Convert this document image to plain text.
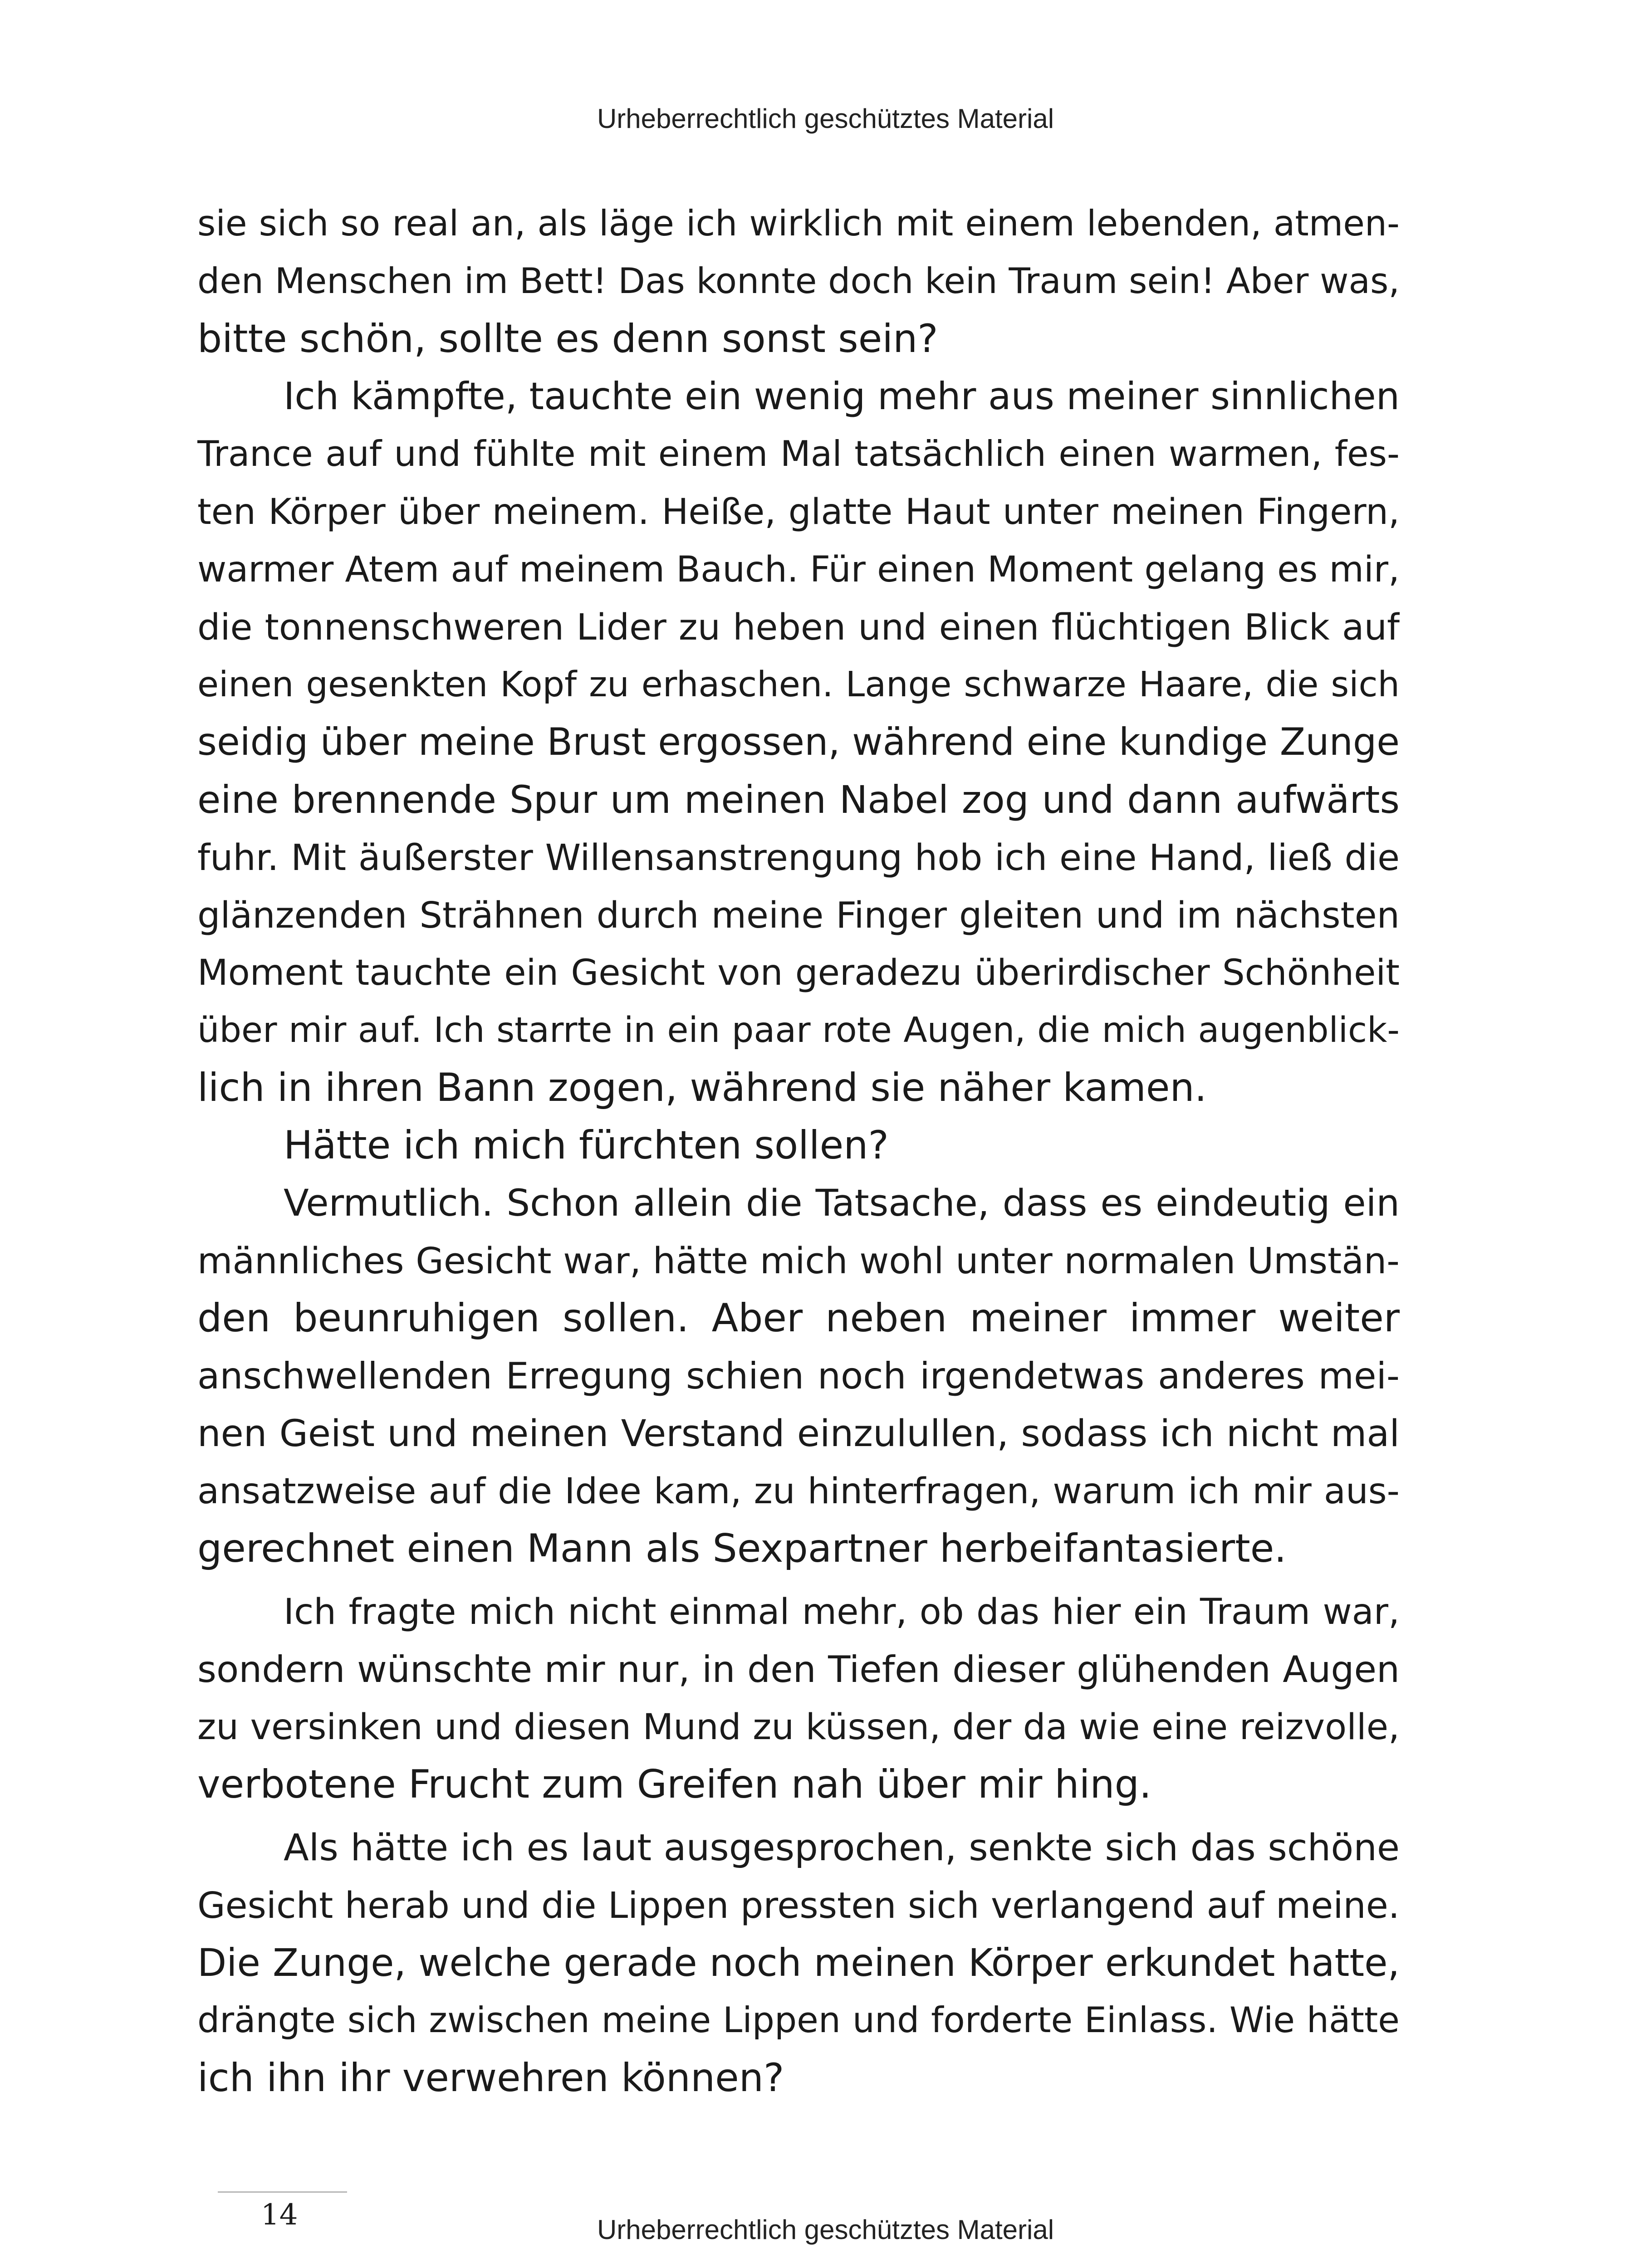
Urheberrechtlich geschütztes Material
sie sich so real an, als läge ich wirklich mit einem lebenden, atmen-
den Menschen im Bett! Das konnte doch kein Traum sein! Aber was,
bitte schön, sollte es denn sonst sein?
Ich kämpfte, tauchte ein wenig mehr aus meiner sinnlichen
Trance auf und fühlte mit einem Mal tatsächlich einen warmen, fes-
ten Körper über meinem. Heiße, glatte Haut unter meinen Fingern,
warmer Atem auf meinem Bauch. Für einen Moment gelang es mir,
die tonnenschweren Lider zu heben und einen flüchtigen Blick auf
einen gesenkten Kopf zu erhaschen. Lange schwarze Haare, die sich
seidig über meine Brust ergossen, während eine kundige Zunge
eine brennende Spur um meinen Nabel zog und dann aufwärts
fuhr. Mit äußerster Willensanstrengung hob ich eine Hand, ließ die
glänzenden Strähnen durch meine Finger gleiten und im nächsten
Moment tauchte ein Gesicht von geradezu überirdischer Schönheit
über mir auf. Ich starrte in ein paar rote Augen, die mich augenblick-
lich in ihren Bann zogen, während sie näher kamen.
Hätte ich mich fürchten sollen?
Vermutlich. Schon allein die Tatsache, dass es eindeutig ein
männliches Gesicht war, hätte mich wohl unter normalen Umstän-
den beunruhigen sollen. Aber neben meiner immer weiter
anschwellenden Erregung schien noch irgendetwas anderes mei-
nen Geist und meinen Verstand einzulullen, sodass ich nicht mal
ansatzweise auf die Idee kam, zu hinterfragen, warum ich mir aus-
gerechnet einen Mann als Sexpartner herbeifantasierte.
Ich fragte mich nicht einmal mehr, ob das hier ein Traum war,
sondern wünschte mir nur, in den Tiefen dieser glühenden Augen
zu versinken und diesen Mund zu küssen, der da wie eine reizvolle,
verbotene Frucht zum Greifen nah über mir hing.
Als hätte ich es laut ausgesprochen, senkte sich das schöne
Gesicht herab und die Lippen pressten sich verlangend auf meine.
Die Zunge, welche gerade noch meinen Körper erkundet hatte,
drängte sich zwischen meine Lippen und forderte Einlass. Wie hätte
ich ihn ihr verwehren können?
14	Urheberrechtlich geschütztes Material
